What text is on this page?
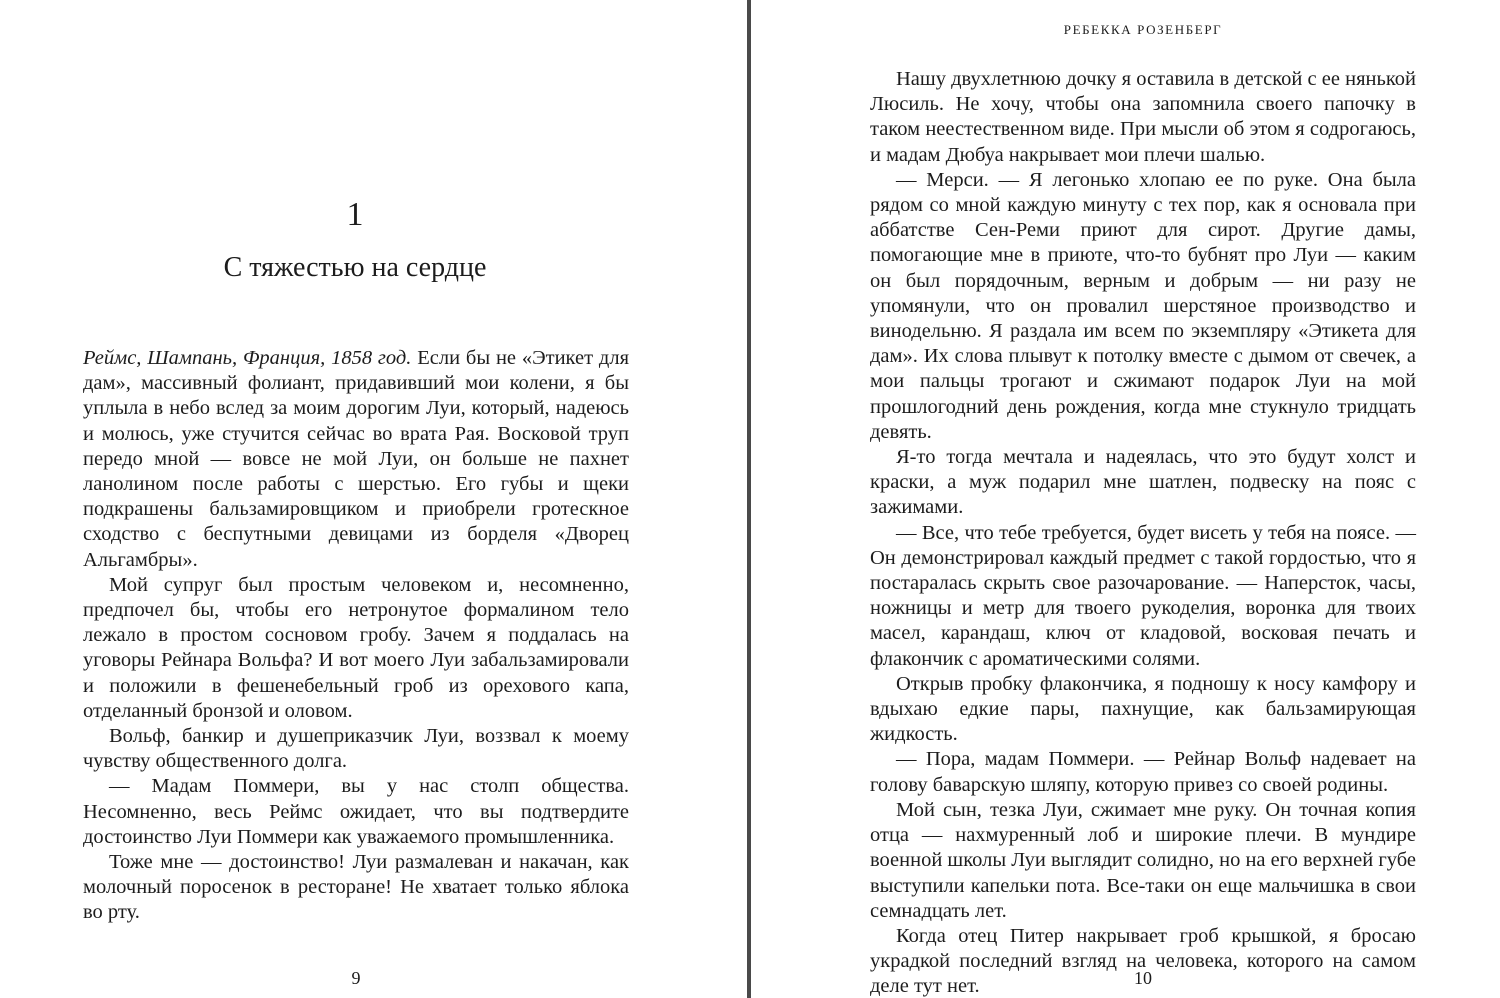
1
С тяжестью на сердце

Реймс, Шампань, Франция, 1858 год. Если бы не «Этикет для дам», массивный фолиант, придавивший мои колени, я бы уплыла в небо вслед за моим дорогим Луи, который, надеюсь и молюсь, уже стучится сейчас во врата Рая. Восковой труп передо мной — вовсе не мой Луи, он больше не пахнет ланолином после работы с шерстью. Его губы и щеки подкрашены бальзамировщиком и приобрели гротескное сходство с беспутными девицами из борделя «Дворец Альгамбры».

Мой супруг был простым человеком и, несомненно, предпочел бы, чтобы его нетронутое формалином тело лежало в простом сосновом гробу. Зачем я поддалась на уговоры Рейнара Вольфа? И вот моего Луи забальзамировали и положили в фешенебельный гроб из орехового капа, отделанный бронзой и оловом.

Вольф, банкир и душеприказчик Луи, воззвал к моему чувству общественного долга.

— Мадам Поммери, вы у нас столп общества. Несомненно, весь Реймс ожидает, что вы подтвердите достоинство Луи Поммери как уважаемого промышленника.

Тоже мне — достоинство! Луи размалеван и накачан, как молочный поросенок в ресторане! Не хватает только яблока во рту.

9
РЕБЕККА РОЗЕНБЕРГ

Нашу двухлетнюю дочку я оставила в детской с ее нянькой Люсиль. Не хочу, чтобы она запомнила своего папочку в таком неестественном виде. При мысли об этом я содрогаюсь, и мадам Дюбуа накрывает мои плечи шалью.

— Мерси. — Я легонько хлопаю ее по руке. Она была рядом со мной каждую минуту с тех пор, как я основала при аббатстве Сен-Реми приют для сирот. Другие дамы, помогающие мне в приюте, что-то бубнят про Луи — каким он был порядочным, верным и добрым — ни разу не упомянули, что он провалил шерстяное производство и винодельню. Я раздала им всем по экземпляру «Этикета для дам». Их слова плывут к потолку вместе с дымом от свечек, а мои пальцы трогают и сжимают подарок Луи на мой прошлогодний день рождения, когда мне стукнуло тридцать девять.

Я-то тогда мечтала и надеялась, что это будут холст и краски, а муж подарил мне шатлен, подвеску на пояс с зажимами.

— Все, что тебе требуется, будет висеть у тебя на поясе. — Он демонстрировал каждый предмет с такой гордостью, что я постаралась скрыть свое разочарование. — Наперсток, часы, ножницы и метр для твоего рукоделия, воронка для твоих масел, карандаш, ключ от кладовой, восковая печать и флакончик с ароматическими солями.

Открыв пробку флакончика, я подношу к носу камфору и вдыхаю едкие пары, пахнущие, как бальзамирующая жидкость.

— Пора, мадам Поммери. — Рейнар Вольф надевает на голову баварскую шляпу, которую привез со своей родины.

Мой сын, тезка Луи, сжимает мне руку. Он точная копия отца — нахмуренный лоб и широкие плечи. В мундире военной школы Луи выглядит солидно, но на его верхней губе выступили капельки пота. Все-таки он еще мальчишка в свои семнадцать лет.

Когда отец Питер накрывает гроб крышкой, я бросаю украдкой последний взгляд на человека, которого на самом деле тут нет.	10
